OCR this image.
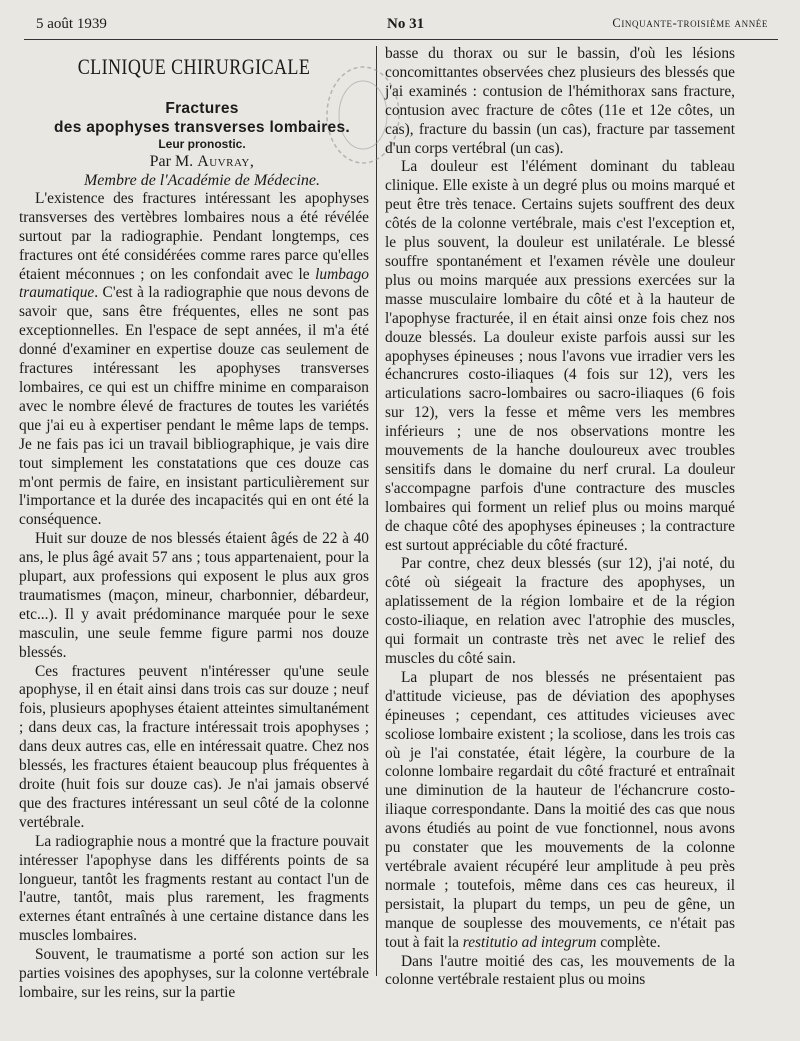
5 août 1939	No 31	Cinquante-troisième année
CLINIQUE CHIRURGICALE

Fractures

des apophyses transverses lombaires.

Leur pronostic.

Par M. Auvray,

Membre de l'Académie de Médecine.

L'existence des fractures intéressant les apophyses transverses des vertèbres lombaires nous a été révélée surtout par la radiographie. Pendant longtemps, ces fractures ont été considérées comme rares parce qu'elles étaient méconnues ; on les confondait avec le lumbago traumatique. C'est à la radiographie que nous devons de savoir que, sans être fréquentes, elles ne sont pas exceptionnelles. En l'espace de sept années, il m'a été donné d'examiner en expertise douze cas seulement de fractures intéressant les apophyses transverses lombaires, ce qui est un chiffre minime en comparaison avec le nombre élevé de fractures de toutes les variétés que j'ai eu à expertiser pendant le même laps de temps. Je ne fais pas ici un travail bibliographique, je vais dire tout simplement les constatations que ces douze cas m'ont permis de faire, en insistant particulièrement sur l'importance et la durée des incapacités qui en ont été la conséquence.

Huit sur douze de nos blessés étaient âgés de 22 à 40 ans, le plus âgé avait 57 ans ; tous appartenaient, pour la plupart, aux professions qui exposent le plus aux gros traumatismes (maçon, mineur, charbonnier, débardeur, etc...). Il y avait prédominance marquée pour le sexe masculin, une seule femme figure parmi nos douze blessés.

Ces fractures peuvent n'intéresser qu'une seule apophyse, il en était ainsi dans trois cas sur douze ; neuf fois, plusieurs apophyses étaient atteintes simultanément ; dans deux cas, la fracture intéressait trois apophyses ; dans deux autres cas, elle en intéressait quatre. Chez nos blessés, les fractures étaient beaucoup plus fréquentes à droite (huit fois sur douze cas). Je n'ai jamais observé que des fractures intéressant un seul côté de la colonne vertébrale.

La radiographie nous a montré que la fracture pouvait intéresser l'apophyse dans les différents points de sa longueur, tantôt les fragments restant au contact l'un de l'autre, tantôt, mais plus rarement, les fragments externes étant entraînés à une certaine distance dans les muscles lombaires.

Souvent, le traumatisme a porté son action sur les parties voisines des apophyses, sur la colonne vertébrale lombaire, sur les reins, sur la partie

basse du thorax ou sur le bassin, d'où les lésions concomittantes observées chez plusieurs des blessés que j'ai examinés : contusion de l'hémithorax sans fracture, contusion avec fracture de côtes (11e et 12e côtes, un cas), fracture du bassin (un cas), fracture par tassement d'un corps vertébral (un cas).

La douleur est l'élément dominant du tableau clinique. Elle existe à un degré plus ou moins marqué et peut être très tenace. Certains sujets souffrent des deux côtés de la colonne vertébrale, mais c'est l'exception et, le plus souvent, la douleur est unilatérale. Le blessé souffre spontanément et l'examen révèle une douleur plus ou moins marquée aux pressions exercées sur la masse musculaire lombaire du côté et à la hauteur de l'apophyse fracturée, il en était ainsi onze fois chez nos douze blessés. La douleur existe parfois aussi sur les apophyses épineuses ; nous l'avons vue irradier vers les échancrures costo-iliaques (4 fois sur 12), vers les articulations sacro-lombaires ou sacro-iliaques (6 fois sur 12), vers la fesse et même vers les membres inférieurs ; une de nos observations montre les mouvements de la hanche douloureux avec troubles sensitifs dans le domaine du nerf crural. La douleur s'accompagne parfois d'une contracture des muscles lombaires qui forment un relief plus ou moins marqué de chaque côté des apophyses épineuses ; la contracture est surtout appréciable du côté fracturé.

Par contre, chez deux blessés (sur 12), j'ai noté, du côté où siégeait la fracture des apophyses, un aplatissement de la région lombaire et de la région costo-iliaque, en relation avec l'atrophie des muscles, qui formait un contraste très net avec le relief des muscles du côté sain.

La plupart de nos blessés ne présentaient pas d'attitude vicieuse, pas de déviation des apophyses épineuses ; cependant, ces attitudes vicieuses avec scoliose lombaire existent ; la scoliose, dans les trois cas où je l'ai constatée, était légère, la courbure de la colonne lombaire regardait du côté fracturé et entraînait une diminution de la hauteur de l'échancrure costo-iliaque correspondante. Dans la moitié des cas que nous avons étudiés au point de vue fonctionnel, nous avons pu constater que les mouvements de la colonne vertébrale avaient récupéré leur amplitude à peu près normale ; toutefois, même dans ces cas heureux, il persistait, la plupart du temps, un peu de gêne, un manque de souplesse des mouvements, ce n'était pas tout à fait la restitutio ad integrum complète.

Dans l'autre moitié des cas, les mouvements de la colonne vertébrale restaient plus ou moins
